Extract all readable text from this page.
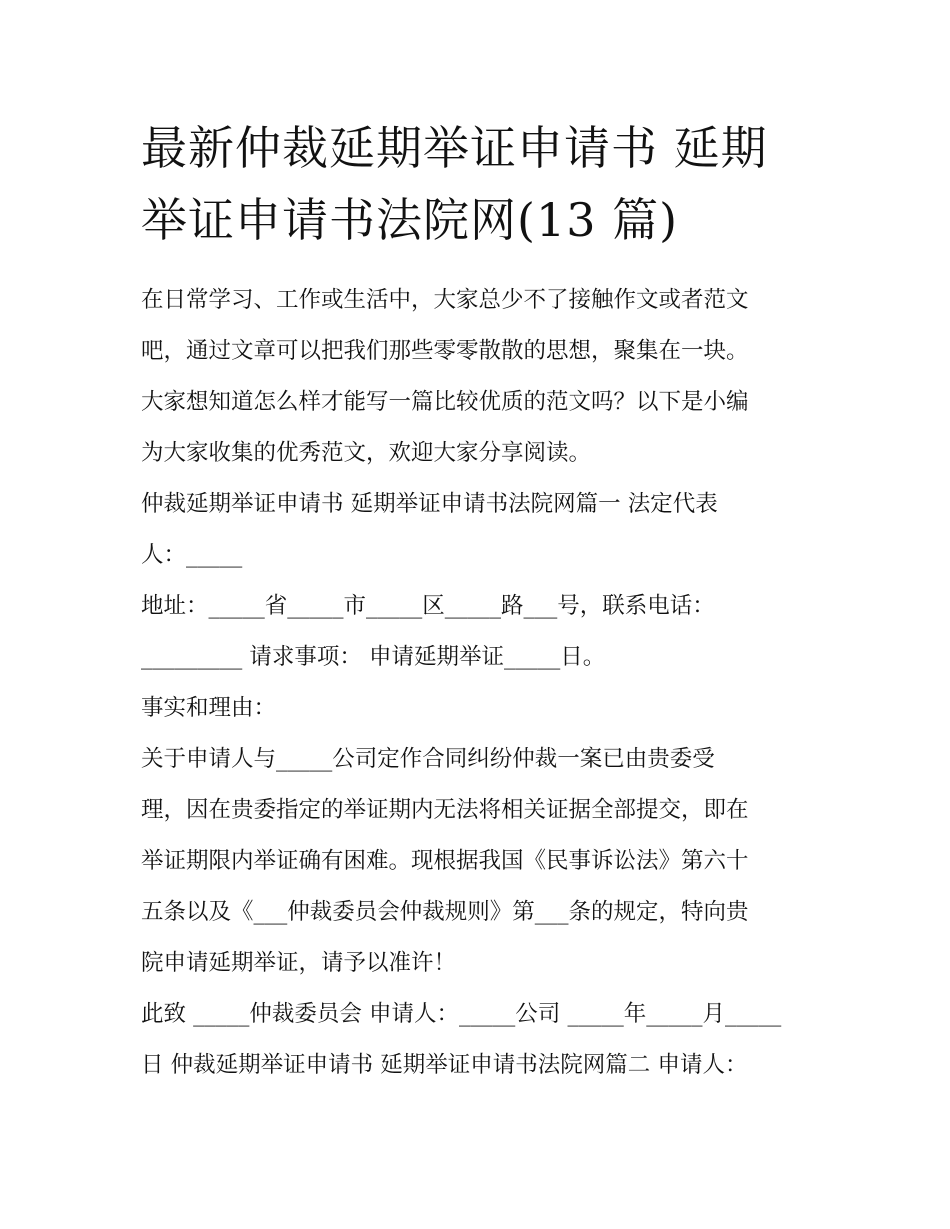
最新仲裁延期举证申请书 延期
举证申请书法院网(13 篇)
在日常学习、工作或生活中，大家总少不了接触作文或者范文
吧，通过文章可以把我们那些零零散散的思想，聚集在一块。
大家想知道怎么样才能写一篇比较优质的范文吗？以下是小编
为大家收集的优秀范文，欢迎大家分享阅读。
仲裁延期举证申请书 延期举证申请书法院网篇一 法定代表
人：_____
地址：_____省_____市_____区_____路___号，联系电话：
_________ 请求事项： 申请延期举证_____日。
事实和理由：
关于申请人与_____公司定作合同纠纷仲裁一案已由贵委受
理，因在贵委指定的举证期内无法将相关证据全部提交，即在
举证期限内举证确有困难。现根据我国《民事诉讼法》第六十
五条以及《___仲裁委员会仲裁规则》第___条的规定，特向贵
院申请延期举证，请予以准许！
此致 _____仲裁委员会 申请人：_____公司 _____年_____月_____
日 仲裁延期举证申请书 延期举证申请书法院网篇二 申请人：
